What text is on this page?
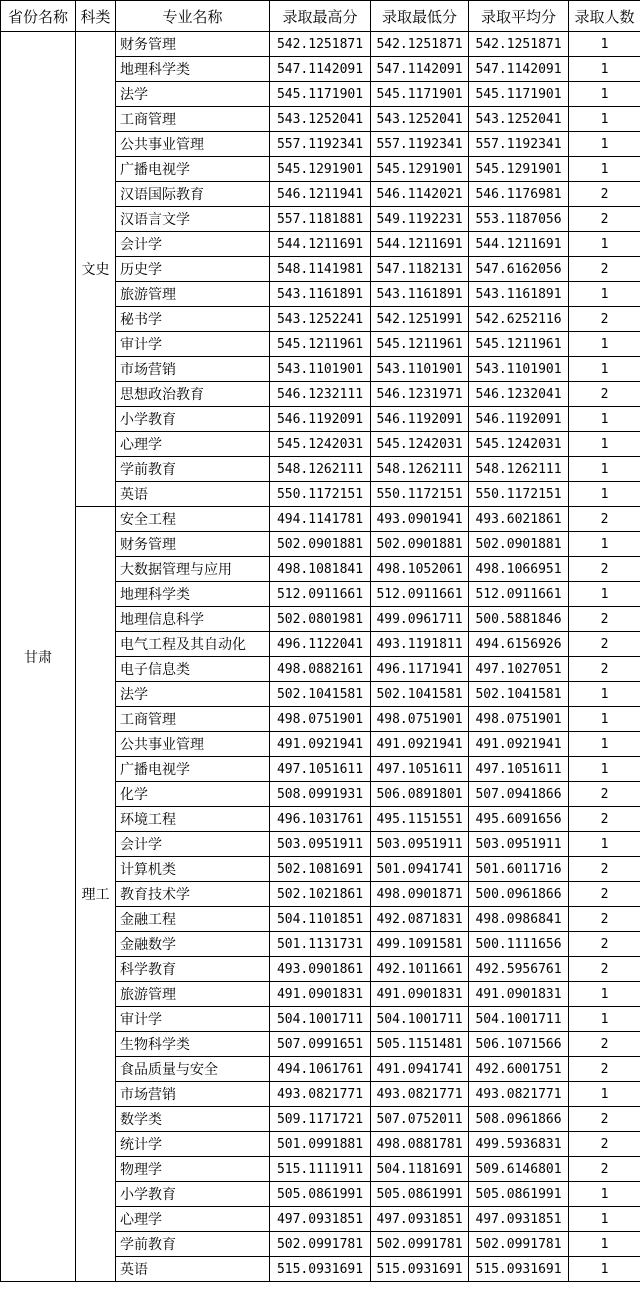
省份名称	科类	专业名称	录取最高分	录取最低分	录取平均分	录取人数
甘肃	文史	财务管理	542.1251871	542.1251871	542.1251871	1
		地理科学类	547.1142091	547.1142091	547.1142091	1
		法学	545.1171901	545.1171901	545.1171901	1
		工商管理	543.1252041	543.1252041	543.1252041	1
		公共事业管理	557.1192341	557.1192341	557.1192341	1
		广播电视学	545.1291901	545.1291901	545.1291901	1
		汉语国际教育	546.1211941	546.1142021	546.1176981	2
		汉语言文学	557.1181881	549.1192231	553.1187056	2
		会计学	544.1211691	544.1211691	544.1211691	1
		历史学	548.1141981	547.1182131	547.6162056	2
		旅游管理	543.1161891	543.1161891	543.1161891	1
		秘书学	543.1252241	542.1251991	542.6252116	2
		审计学	545.1211961	545.1211961	545.1211961	1
		市场营销	543.1101901	543.1101901	543.1101901	1
		思想政治教育	546.1232111	546.1231971	546.1232041	2
		小学教育	546.1192091	546.1192091	546.1192091	1
		心理学	545.1242031	545.1242031	545.1242031	1
		学前教育	548.1262111	548.1262111	548.1262111	1
		英语	550.1172151	550.1172151	550.1172151	1
	理工	安全工程	494.1141781	493.0901941	493.6021861	2
		财务管理	502.0901881	502.0901881	502.0901881	1
		大数据管理与应用	498.1081841	498.1052061	498.1066951	2
		地理科学类	512.0911661	512.0911661	512.0911661	1
		地理信息科学	502.0801981	499.0961711	500.5881846	2
		电气工程及其自动化	496.1122041	493.1191811	494.6156926	2
		电子信息类	498.0882161	496.1171941	497.1027051	2
		法学	502.1041581	502.1041581	502.1041581	1
		工商管理	498.0751901	498.0751901	498.0751901	1
		公共事业管理	491.0921941	491.0921941	491.0921941	1
		广播电视学	497.1051611	497.1051611	497.1051611	1
		化学	508.0991931	506.0891801	507.0941866	2
		环境工程	496.1031761	495.1151551	495.6091656	2
		会计学	503.0951911	503.0951911	503.0951911	1
		计算机类	502.1081691	501.0941741	501.6011716	2
		教育技术学	502.1021861	498.0901871	500.0961866	2
		金融工程	504.1101851	492.0871831	498.0986841	2
		金融数学	501.1131731	499.1091581	500.1111656	2
		科学教育	493.0901861	492.1011661	492.5956761	2
		旅游管理	491.0901831	491.0901831	491.0901831	1
		审计学	504.1001711	504.1001711	504.1001711	1
		生物科学类	507.0991651	505.1151481	506.1071566	2
		食品质量与安全	494.1061761	491.0941741	492.6001751	2
		市场营销	493.0821771	493.0821771	493.0821771	1
		数学类	509.1171721	507.0752011	508.0961866	2
		统计学	501.0991881	498.0881781	499.5936831	2
		物理学	515.1111911	504.1181691	509.6146801	2
		小学教育	505.0861991	505.0861991	505.0861991	1
		心理学	497.0931851	497.0931851	497.0931851	1
		学前教育	502.0991781	502.0991781	502.0991781	1
		英语	515.0931691	515.0931691	515.0931691	1
